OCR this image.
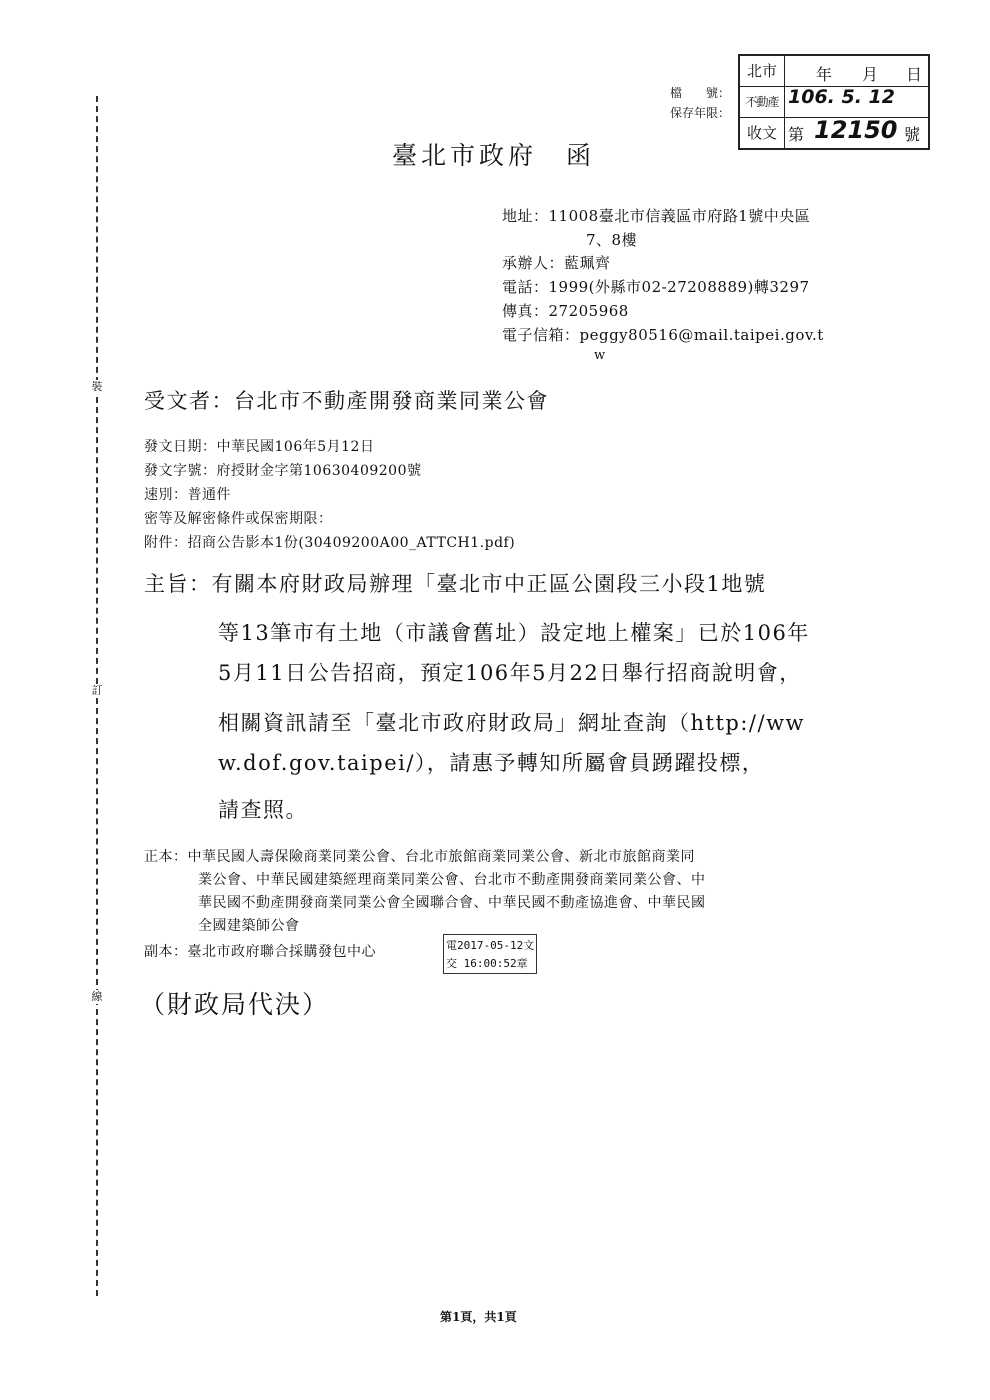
裝
訂
線
檔　　號：
保存年限：
北市
不動產
收文
年 月 日
106. 5. 12
第 12150 號
臺北市政府　函
地址：11008臺北市信義區市府路1號中央區
7、8樓
承辦人：藍珮齊
電話：1999(外縣市02-27208889)轉3297
傳真：27205968
電子信箱：peggy80516@mail.taipei.gov.t
w
受文者：台北市不動產開發商業同業公會
發文日期：中華民國106年5月12日
發文字號：府授財金字第10630409200號
速別：普通件
密等及解密條件或保密期限：
附件：招商公告影本1份(30409200A00_ATTCH1.pdf)
主旨：有關本府財政局辦理「臺北市中正區公園段三小段1地號
等13筆市有土地（市議會舊址）設定地上權案」已於106年
5月11日公告招商，預定106年5月22日舉行招商說明會，
相關資訊請至「臺北市政府財政局」網址查詢（http://ww
w.dof.gov.taipei/），請惠予轉知所屬會員踴躍投標，
請查照。
正本：中華民國人壽保險商業同業公會、台北市旅館商業同業公會、新北市旅館商業同
業公會、中華民國建築經理商業同業公會、台北市不動產開發商業同業公會、中
華民國不動產開發商業同業公會全國聯合會、中華民國不動產協進會、中華民國
全國建築師公會
副本：臺北市政府聯合採購發包中心	電2017-05-12文
交 16:00:52章
（財政局代決）
第1頁，共1頁
